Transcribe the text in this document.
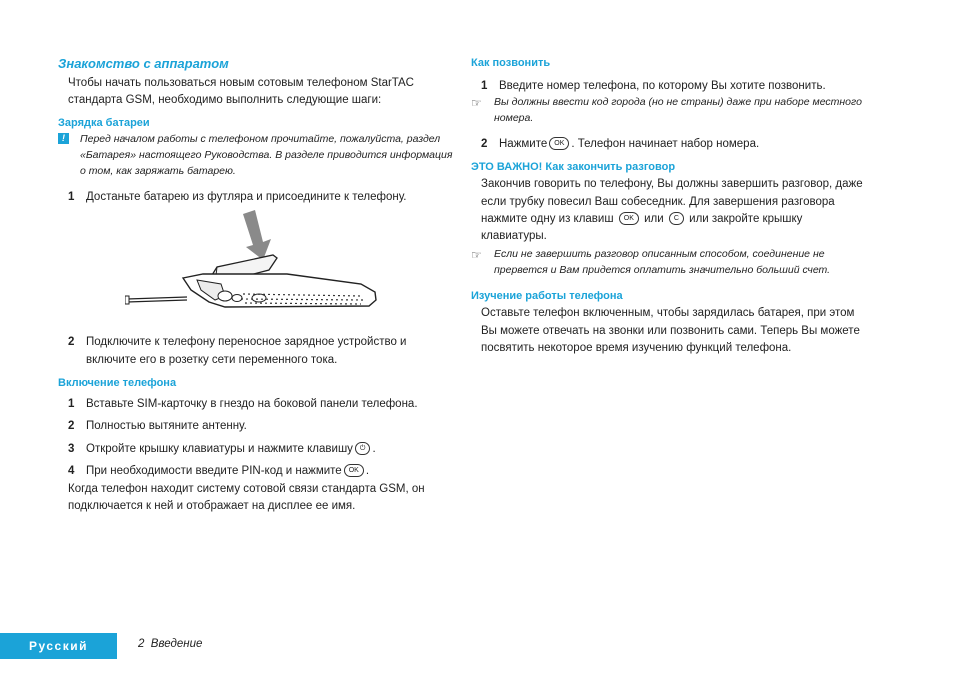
Знакомство с аппаратом
Чтобы начать пользоваться новым сотовым телефоном StarTAC
стандарта GSM, необходимо выполнить следующие шаги:
Зарядка батареи
!	Перед началом работы с телефоном прочитайте, пожалуйста, раздел
«Батарея» настоящего Руководства. В разделе приводится информация
о том, как заряжать батарею.
1 Достаньте батарею из футляра и присоедините к телефону.
2 Подключите к телефону переносное зарядное устройство и
включите его в розетку сети переменного тока.
Включение телефона
1 Вставьте SIM-карточку в гнездо на боковой панели телефона.
2 Полностью вытяните антенну.
3 Откройте крышку клавиатуры и нажмите клавишу ⏻ .
4 При необходимости введите PIN-код и нажмите OK .
Когда телефон находит систему сотовой связи стандарта GSM, он
подключается к ней и отображает на дисплее ее имя.
Как позвонить
1 Введите номер телефона, по которому Вы хотите позвонить.
☞ Вы должны ввести код города (но не страны) даже при наборе местного
номера.
2 Нажмите OK . Телефон начинает набор номера.
ЭТО ВАЖНО! Как закончить разговор
Закончив говорить по телефону, Вы должны завершить разговор, даже
если трубку повесил Ваш собеседник. Для завершения разговора
нажмите одну из клавиш OK или C или закройте крышку
клавиатуры.
☞ Если не завершить разговор описанным способом, соединение не
прервется и Вам придется оплатить значительно больший счет.
Изучение работы телефона
Оставьте телефон включенным, чтобы зарядилась батарея, при этом
Вы можете отвечать на звонки или позвонить сами. Теперь Вы можете
посвятить некоторое время изучению функций телефона.
Русский	2 Введение
